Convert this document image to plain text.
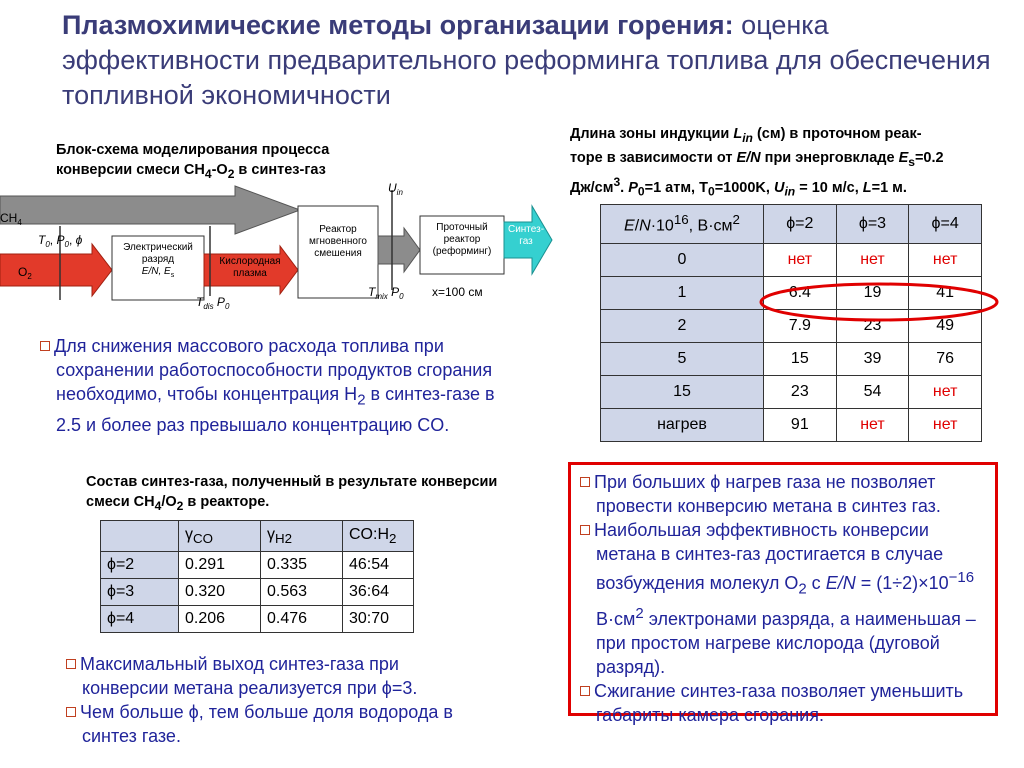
Плазмохимические методы организации горения: оценка эффективности предварительного реформинга топлива для обеспечения топливной экономичности
Блок-схема моделирования процесса
конверсии смеси $CH_4-O_2$ в синтез-газ
$CH_4$
$O_2$
$T_0$, $P_0$, ϕ
$U_{in}$
Электрический разряд E/N, $E_s$
Кислородная плазма
Реактор мгновенного смешения
Проточный реактор (реформинг)
Синтез-газ
$T_{dis}$ $P_0$
$T_{mix}$ $P_0$ x=100 см

Для снижения массового расхода топлива при сохранении работоспособности продуктов сгорания необходимо, чтобы концентрация $H_2$ в синтез-газе в 2.5 и более раз превышало концентрацию CO.

Состав синтез-газа, полученный в результате конверсии смеси $CH_4/O_2$ в реакторе.
	$\gamma_{CO}$	$\gamma_{H2}$	$CO:H_2$
ϕ=2	0.291	0.335	46:54
ϕ=3	0.320	0.563	36:64
ϕ=4	0.206	0.476	30:70

Максимальный выход синтез-газа при конверсии метана реализуется при ϕ=3.

Чем больше ϕ, тем больше доля водорода в синтез газе.

Длина зоны индукции $L_{in}$ (см) в проточном реак-
торе в зависимости от E/N при энерговкладе $E_s=0.2$
$Дж/см^3$. $P_0=1$ атм, $T_0=1000K$, $U_{in} = 10$ м/с, L=1 м.
$E/N\cdot 10^{16}$, $В\cdot см^2$	ϕ=2	ϕ=3	ϕ=4
0	нет	нет	нет
1	6.4	19	41
2	7.9	23	49
5	15	39	76
15	23	54	нет
нагрев	91	нет	нет

При больших ϕ нагрев газа не позволяет провести конверсию метана в синтез газ.

Наибольшая эффективность конверсии метана в синтез-газ достигается в случае возбуждения молекул $O_2$ с $E/N = (1\div 2)\times 10^{-16}$ $В\cdot см^2$ электронами разряда, а наименьшая – при простом нагреве кислорода (дуговой разряд).

Сжигание синтез-газа позволяет уменьшить габариты камера сгорания.
